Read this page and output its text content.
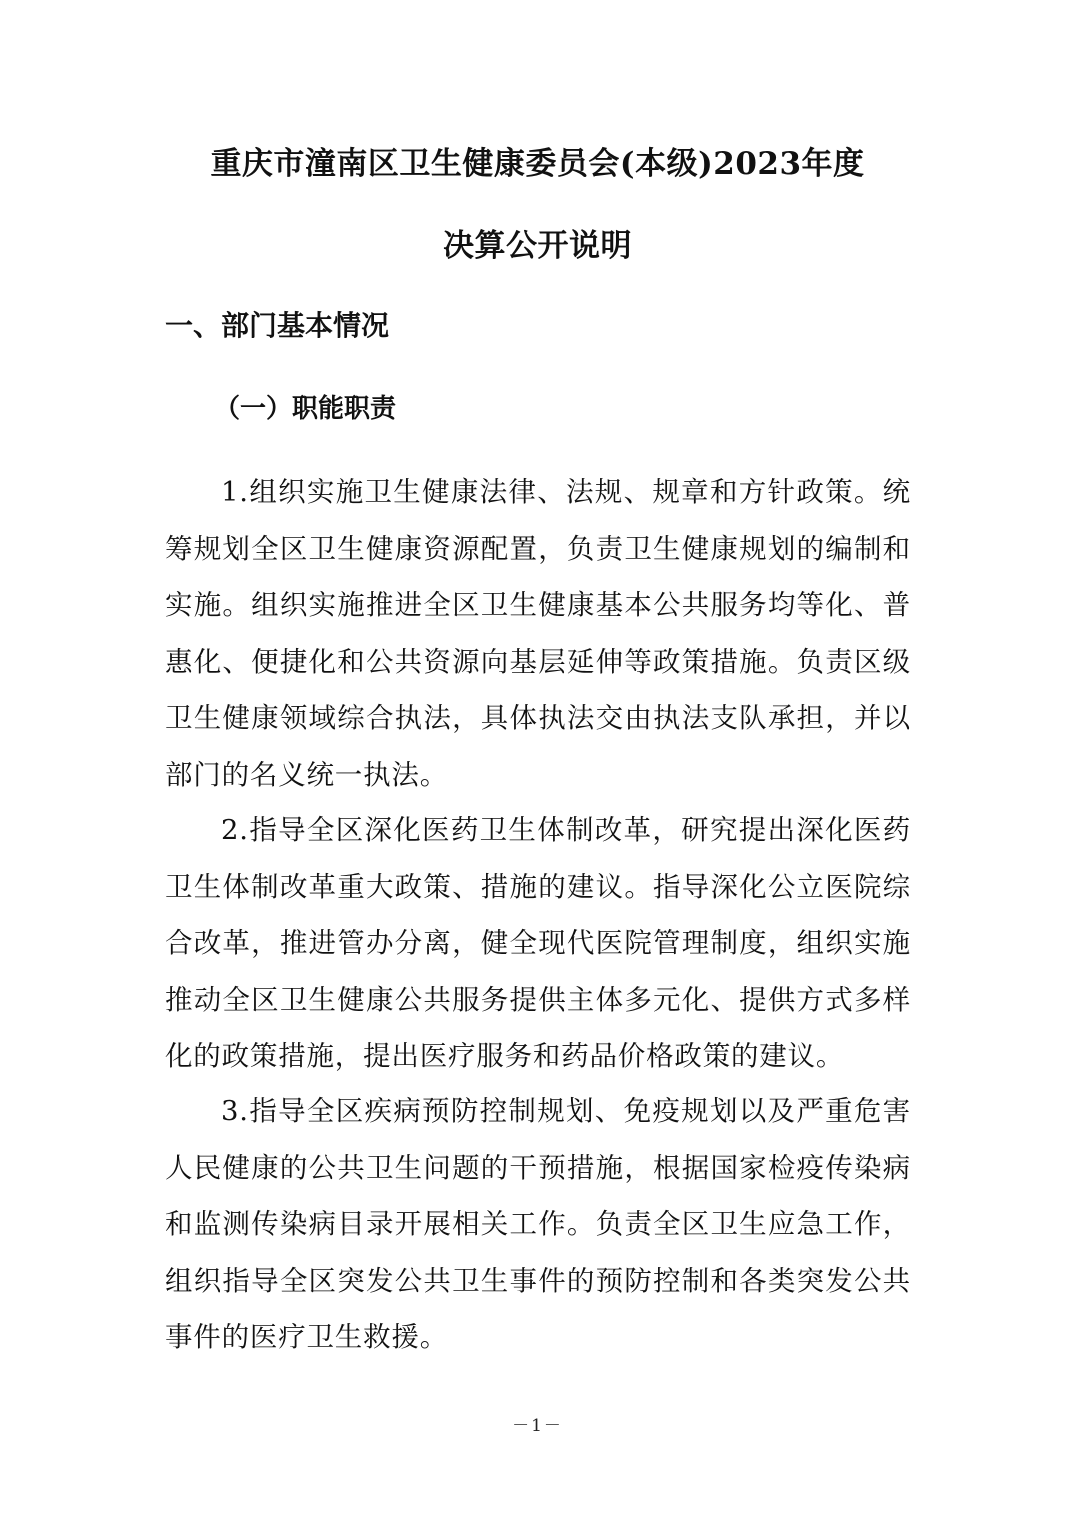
重庆市潼南区卫生健康委员会(本级)2023年度
决算公开说明
一、部门基本情况
（一）职能职责

1.组织实施卫生健康法律、法规、规章和方针政策。统筹规划全区卫生健康资源配置，负责卫生健康规划的编制和实施。组织实施推进全区卫生健康基本公共服务均等化、普惠化、便捷化和公共资源向基层延伸等政策措施。负责区级卫生健康领域综合执法，具体执法交由执法支队承担，并以部门的名义统一执法。

2.指导全区深化医药卫生体制改革，研究提出深化医药卫生体制改革重大政策、措施的建议。指导深化公立医院综合改革，推进管办分离，健全现代医院管理制度，组织实施推动全区卫生健康公共服务提供主体多元化、提供方式多样化的政策措施，提出医疗服务和药品价格政策的建议。

3.指导全区疾病预防控制规划、免疫规划以及严重危害人民健康的公共卫生问题的干预措施，根据国家检疫传染病和监测传染病目录开展相关工作。负责全区卫生应急工作，组织指导全区突发公共卫生事件的预防控制和各类突发公共事件的医疗卫生救援。

－1－
